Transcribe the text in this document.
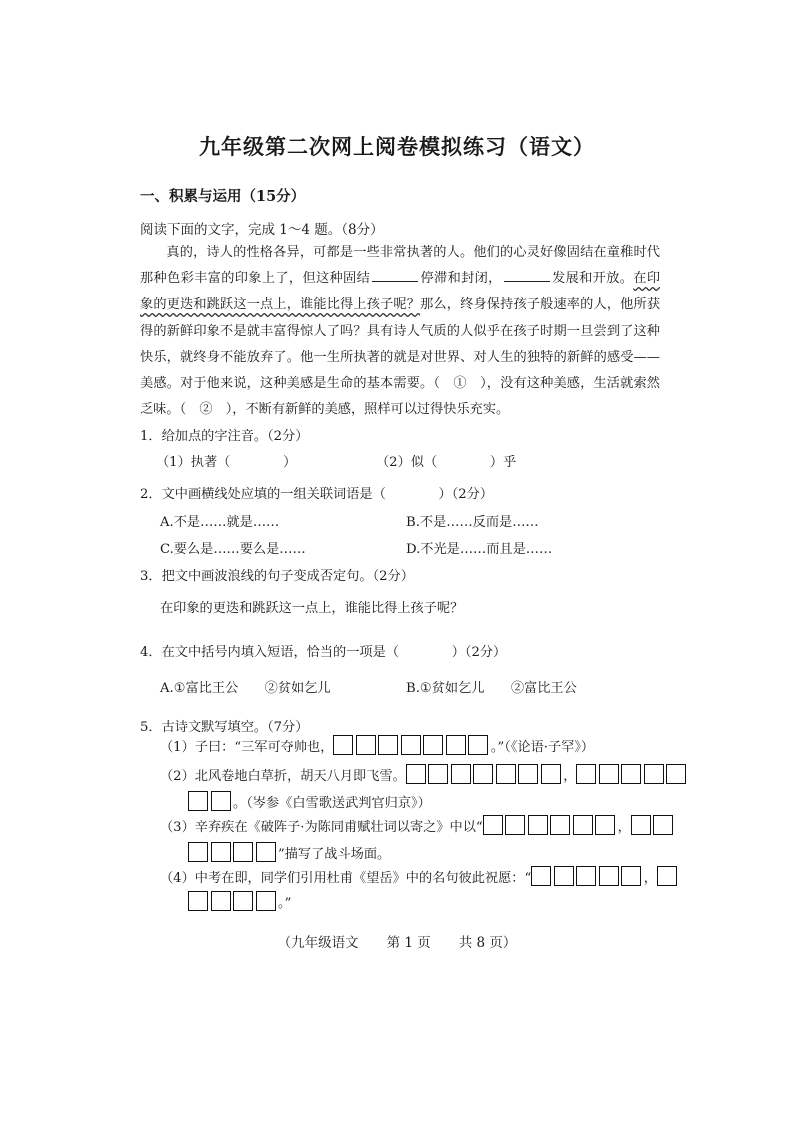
九年级第二次网上阅卷模拟练习（语文）
一、积累与运用（15分）
阅读下面的文字，完成 1～4 题。（8分）

真的，诗人的性格各异，可都是一些非常执著的人。他们的心灵好像固结在童稚时代那种色彩丰富的印象上了，但这种固结	停滞和封闭，	发展和开放。在印象的更迭和跳跃这一点上，谁能比得上孩子呢？那么，终身保持孩子般速率的人，他所获得的新鲜印象不是就丰富得惊人了吗？具有诗人气质的人似乎在孩子时期一旦尝到了这种快乐，就终身不能放弃了。他一生所执著的就是对世界、对人生的独特的新鲜的感受——美感。对于他来说，这种美感是生命的基本需要。（　①　），没有这种美感，生活就索然乏味。（　②　），不断有新鲜的美感，照样可以过得快乐充实。

1．给加点的字注音。（2分）
（1）执著（　　　　）	（2）似（　　　　）乎
2．文中画横线处应填的一组关联词语是（　　　　）（2分）
A.不是……就是……	B.不是……反而是……
C.要么是……要么是……	D.不光是……而且是……
3．把文中画波浪线的句子变成否定句。（2分）
在印象的更迭和跳跃这一点上，谁能比得上孩子呢？
4．在文中括号内填入短语，恰当的一项是（　　　　）（2分）
A.①富比王公　　②贫如乞儿	B.①贫如乞儿　　②富比王公
5．古诗文默写填空。（7分）
（1）子曰：“三军可夺帅也，	。”（《论语·子罕》）
（2）北风卷地白草折，胡天八月即飞雪。	，
。（岑参《白雪歌送武判官归京》）
（3）辛弃疾在《破阵子·为陈同甫赋壮词以寄之》中以“	，
”描写了战斗场面。
（4）中考在即，同学们引用杜甫《望岳》中的名句彼此祝愿：“	，
。”
（九年级语文 第 1 页 共 8 页）
